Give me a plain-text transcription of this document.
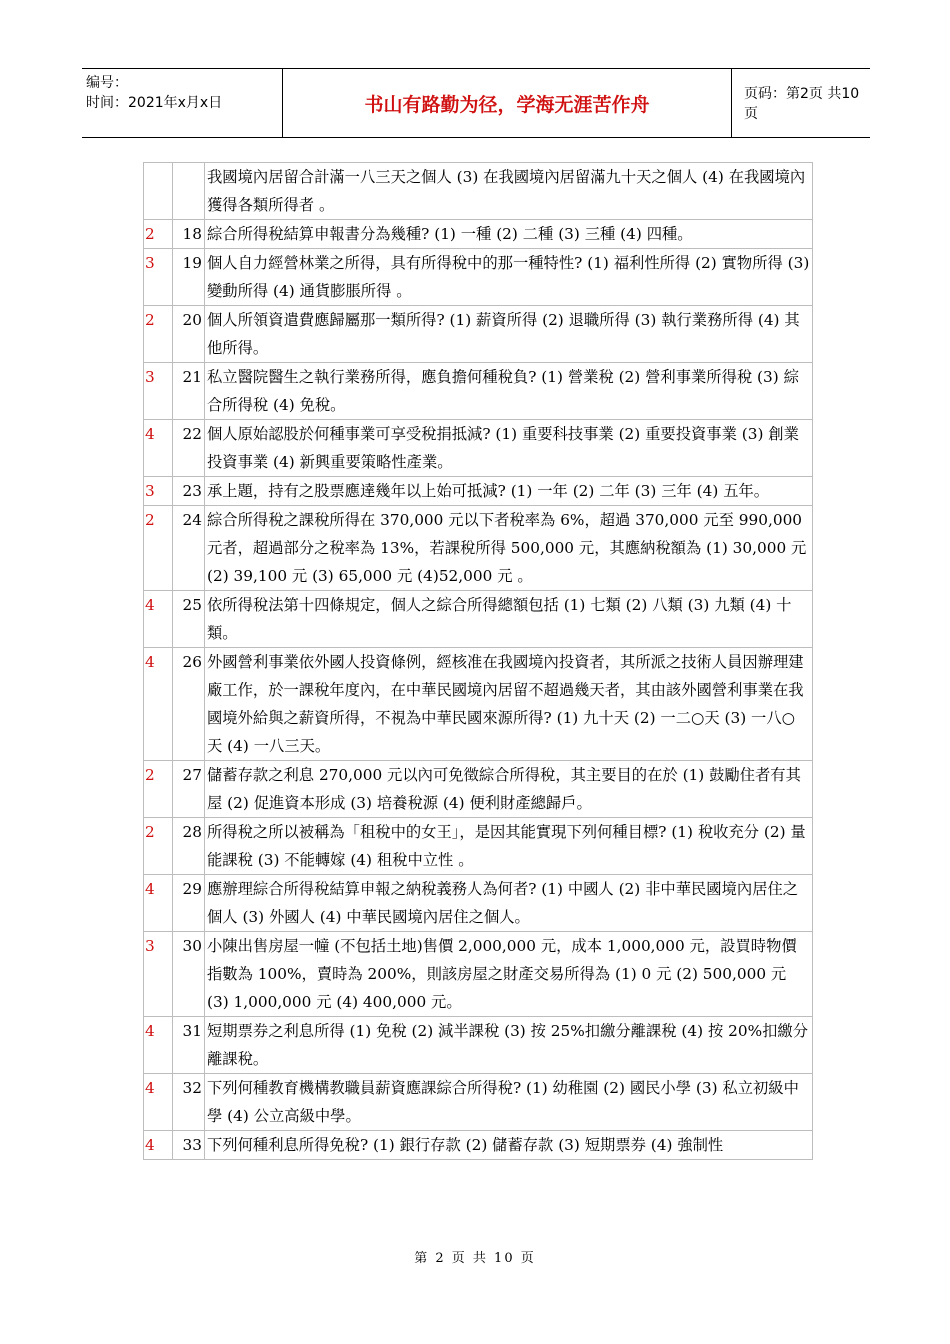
编号：
时间：2021年x月x日	书山有路勤为径，学海无涯苦作舟	页码：第2页 共10页
		我國境內居留合計滿一八三天之個人 (3) 在我國境內居留滿九十天之個人 (4) 在我國境內獲得各類所得者 。
2	18	綜合所得稅結算申報書分為幾種? (1) 一種 (2) 二種 (3) 三種 (4) 四種。
3	19	個人自力經營林業之所得，具有所得稅中的那一種特性? (1) 福利性所得 (2) 實物所得 (3) 變動所得 (4) 通貨膨脹所得 。
2	20	個人所領資遣費應歸屬那一類所得? (1) 薪資所得 (2) 退職所得 (3) 執行業務所得 (4) 其他所得。
3	21	私立醫院醫生之執行業務所得，應負擔何種稅負? (1) 營業稅 (2) 營利事業所得稅 (3) 綜合所得稅 (4) 免稅。
4	22	個人原始認股於何種事業可享受稅捐抵減? (1) 重要科技事業 (2) 重要投資事業 (3) 創業投資事業 (4) 新興重要策略性產業。
3	23	承上題，持有之股票應達幾年以上始可抵減? (1) 一年 (2) 二年 (3) 三年 (4) 五年。
2	24	綜合所得稅之課稅所得在 370,000 元以下者稅率為 6%，超過 370,000 元至 990,000 元者，超過部分之稅率為 13%，若課稅所得 500,000 元，其應納稅額為 (1) 30,000 元 (2) 39,100 元 (3) 65,000 元 (4)52,000 元 。
4	25	依所得稅法第十四條規定，個人之綜合所得總額包括 (1) 七類 (2) 八類 (3) 九類 (4) 十類。
4	26	外國營利事業依外國人投資條例，經核准在我國境內投資者，其所派之技術人員因辦理建廠工作，於一課稅年度內，在中華民國境內居留不超過幾天者，其由該外國營利事業在我國境外給與之薪資所得，不視為中華民國來源所得? (1) 九十天 (2) 一二○天 (3) 一八○天 (4) 一八三天。
2	27	儲蓄存款之利息 270,000 元以內可免徵綜合所得稅，其主要目的在於 (1) 鼓勵住者有其屋 (2) 促進資本形成 (3) 培養稅源 (4) 便利財產總歸戶。
2	28	所得稅之所以被稱為「租稅中的女王」，是因其能實現下列何種目標? (1) 稅收充分 (2) 量能課稅 (3) 不能轉嫁 (4) 租稅中立性 。
4	29	應辦理綜合所得稅結算申報之納稅義務人為何者? (1) 中國人 (2) 非中華民國境內居住之個人 (3) 外國人 (4) 中華民國境內居住之個人。
3	30	小陳出售房屋一幢 (不包括土地)售價 2,000,000 元，成本 1,000,000 元，設買時物價指數為 100%，賣時為 200%，則該房屋之財產交易所得為 (1) 0 元 (2) 500,000 元 (3) 1,000,000 元 (4) 400,000 元。
4	31	短期票券之利息所得 (1) 免稅 (2) 減半課稅 (3) 按 25%扣繳分離課稅 (4) 按 20%扣繳分離課稅。
4	32	下列何種教育機構教職員薪資應課綜合所得稅? (1) 幼稚園 (2) 國民小學 (3) 私立初級中學 (4) 公立高級中學。
4	33	下列何種利息所得免稅? (1) 銀行存款 (2) 儲蓄存款 (3) 短期票券 (4) 強制性
第 2 页 共 10 页
